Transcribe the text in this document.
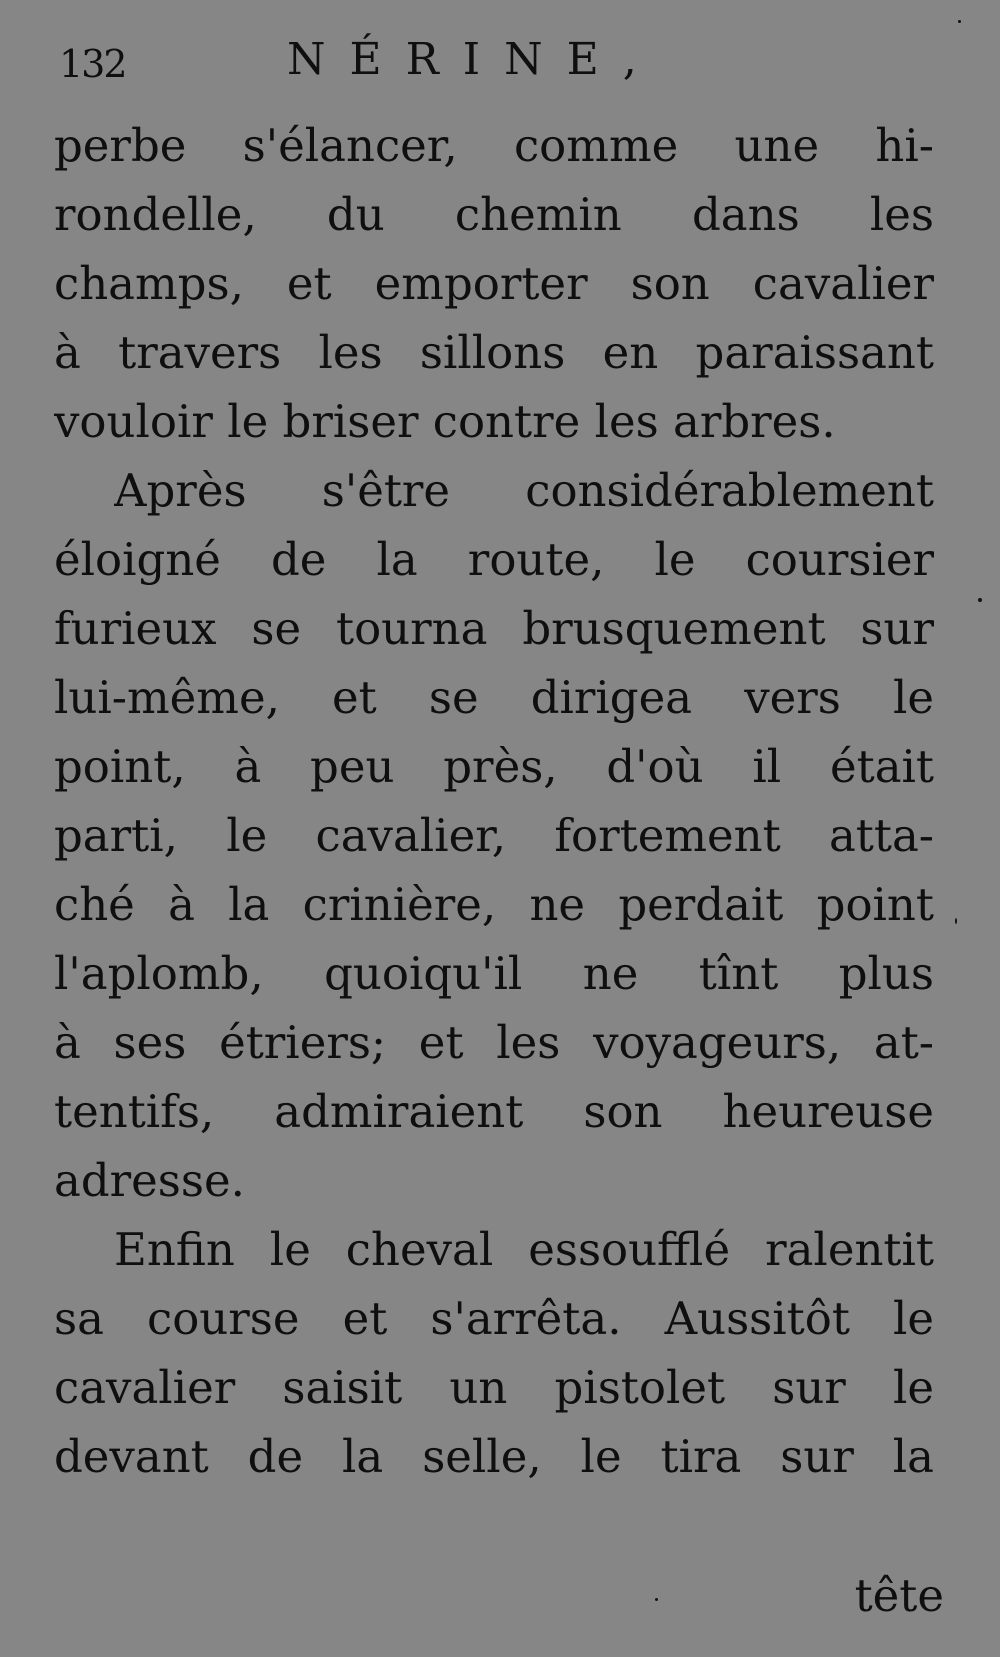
132	NÉRINE,
perbe s'élancer, comme une hi-
rondelle, du chemin dans les
champs, et emporter son cavalier
à travers les sillons en paraissant
vouloir le briser contre les arbres.
Après s'être considérablement
éloigné de la route, le coursier
furieux se tourna brusquement sur
lui-même, et se dirigea vers le
point, à peu près, d'où il était
parti, le cavalier, fortement atta-
ché à la crinière, ne perdait point
l'aplomb, quoiqu'il ne tînt plus
à ses étriers; et les voyageurs, at-
tentifs, admiraient son heureuse
adresse.
Enfin le cheval essoufflé ralentit
sa course et s'arrêta. Aussitôt le
cavalier saisit un pistolet sur le
devant de la selle, le tira sur la
tête
